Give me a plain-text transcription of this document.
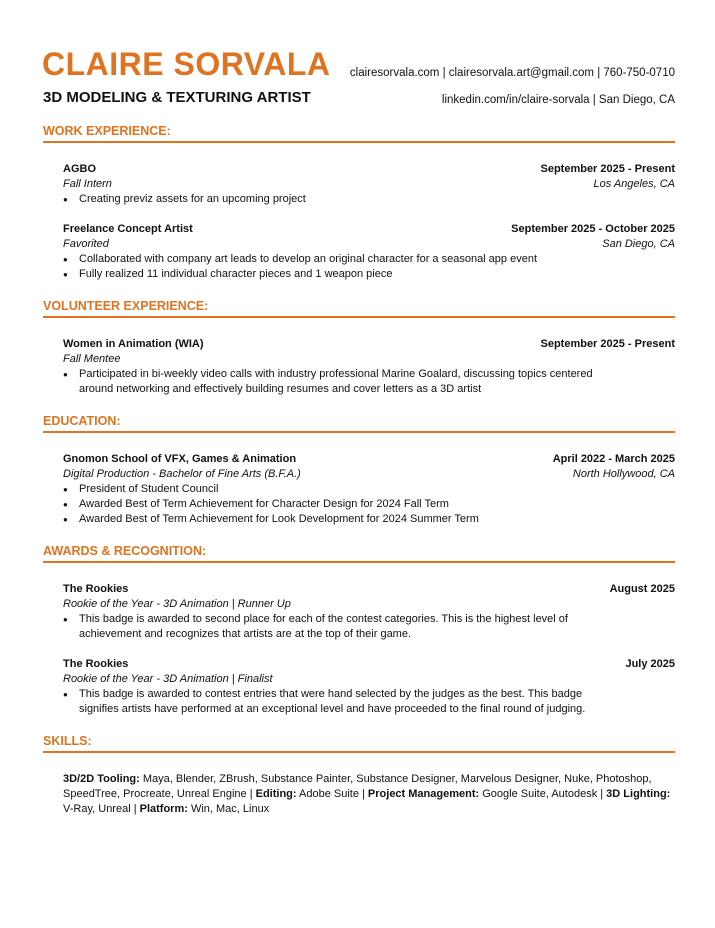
CLAIRE SORVALA
3D MODELING & TEXTURING ARTIST
clairesorvala.com | clairesorvala.art@gmail.com | 760-750-0710
linkedin.com/in/claire-sorvala | San Diego, CA
WORK EXPERIENCE:
AGBO	September 2025 - Present
Fall Intern	Los Angeles, CA
● Creating previz assets for an upcoming project
Freelance Concept Artist	September 2025 - October 2025
Favorited	San Diego, CA
● Collaborated with company art leads to develop an original character for a seasonal app event
● Fully realized 11 individual character pieces and 1 weapon piece
VOLUNTEER EXPERIENCE:
Women in Animation (WIA)	September 2025 - Present
Fall Mentee
● Participated in bi-weekly video calls with industry professional Marine Goalard, discussing topics centered around networking and effectively building resumes and cover letters as a 3D artist
EDUCATION:
Gnomon School of VFX, Games & Animation	April 2022 - March 2025
Digital Production - Bachelor of Fine Arts (B.F.A.)	North Hollywood, CA
● President of Student Council
● Awarded Best of Term Achievement for Character Design for 2024 Fall Term
● Awarded Best of Term Achievement for Look Development for 2024 Summer Term
AWARDS & RECOGNITION:
The Rookies	August 2025
Rookie of the Year - 3D Animation | Runner Up
● This badge is awarded to second place for each of the contest categories. This is the highest level of achievement and recognizes that artists are at the top of their game.
The Rookies	July 2025
Rookie of the Year - 3D Animation | Finalist
● This badge is awarded to contest entries that were hand selected by the judges as the best. This badge signifies artists have performed at an exceptional level and have proceeded to the final round of judging.
SKILLS:
3D/2D Tooling: Maya, Blender, ZBrush, Substance Painter, Substance Designer, Marvelous Designer, Nuke, Photoshop, SpeedTree, Procreate, Unreal Engine | Editing: Adobe Suite | Project Management: Google Suite, Autodesk | 3D Lighting: V-Ray, Unreal | Platform: Win, Mac, Linux
